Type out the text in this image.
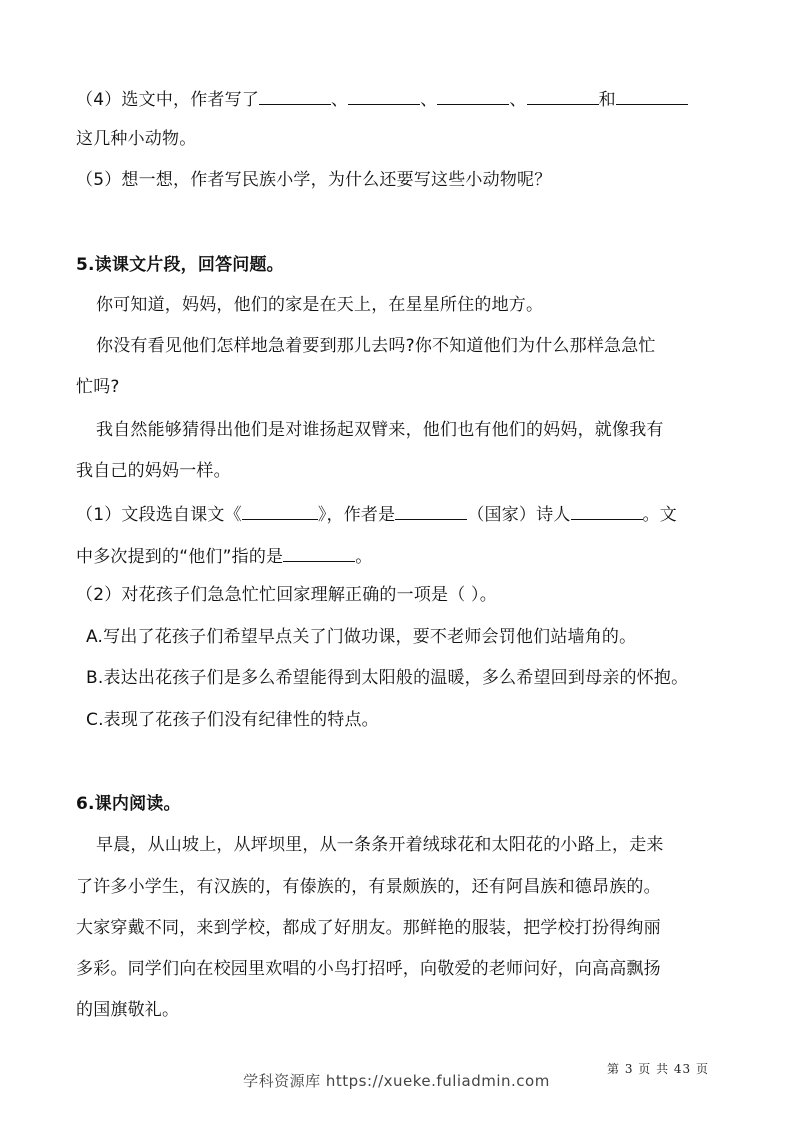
（4）选文中，作者写了	、	、	、	和
这几种小动物。
（5）想一想，作者写民族小学，为什么还要写这些小动物呢？
5.读课文片段，回答问题。
你可知道，妈妈，他们的家是在天上，在星星所住的地方。
你没有看见他们怎样地急着要到那儿去吗?你不知道他们为什么那样急急忙
忙吗?
我自然能够猜得出他们是对谁扬起双臂来，他们也有他们的妈妈，就像我有
我自己的妈妈一样。
（1）文段选自课文《	》，作者是	（国家）诗人	。文
中多次提到的“他们”指的是	。
（2）对花孩子们急急忙忙回家理解正确的一项是（ ）。
A.写出了花孩子们希望早点关了门做功课，要不老师会罚他们站墙角的。
B.表达出花孩子们是多么希望能得到太阳般的温暖，多么希望回到母亲的怀抱。
C.表现了花孩子们没有纪律性的特点。
6.课内阅读。
早晨，从山坡上，从坪坝里，从一条条开着绒球花和太阳花的小路上，走来
了许多小学生，有汉族的，有傣族的，有景颇族的，还有阿昌族和德昂族的。
大家穿戴不同，来到学校，都成了好朋友。那鲜艳的服装，把学校打扮得绚丽
多彩。同学们向在校园里欢唱的小鸟打招呼，向敬爱的老师问好，向高高飘扬
的国旗敬礼。
第 3 页 共 43 页
学科资源库 https://xueke.fuliadmin.com
